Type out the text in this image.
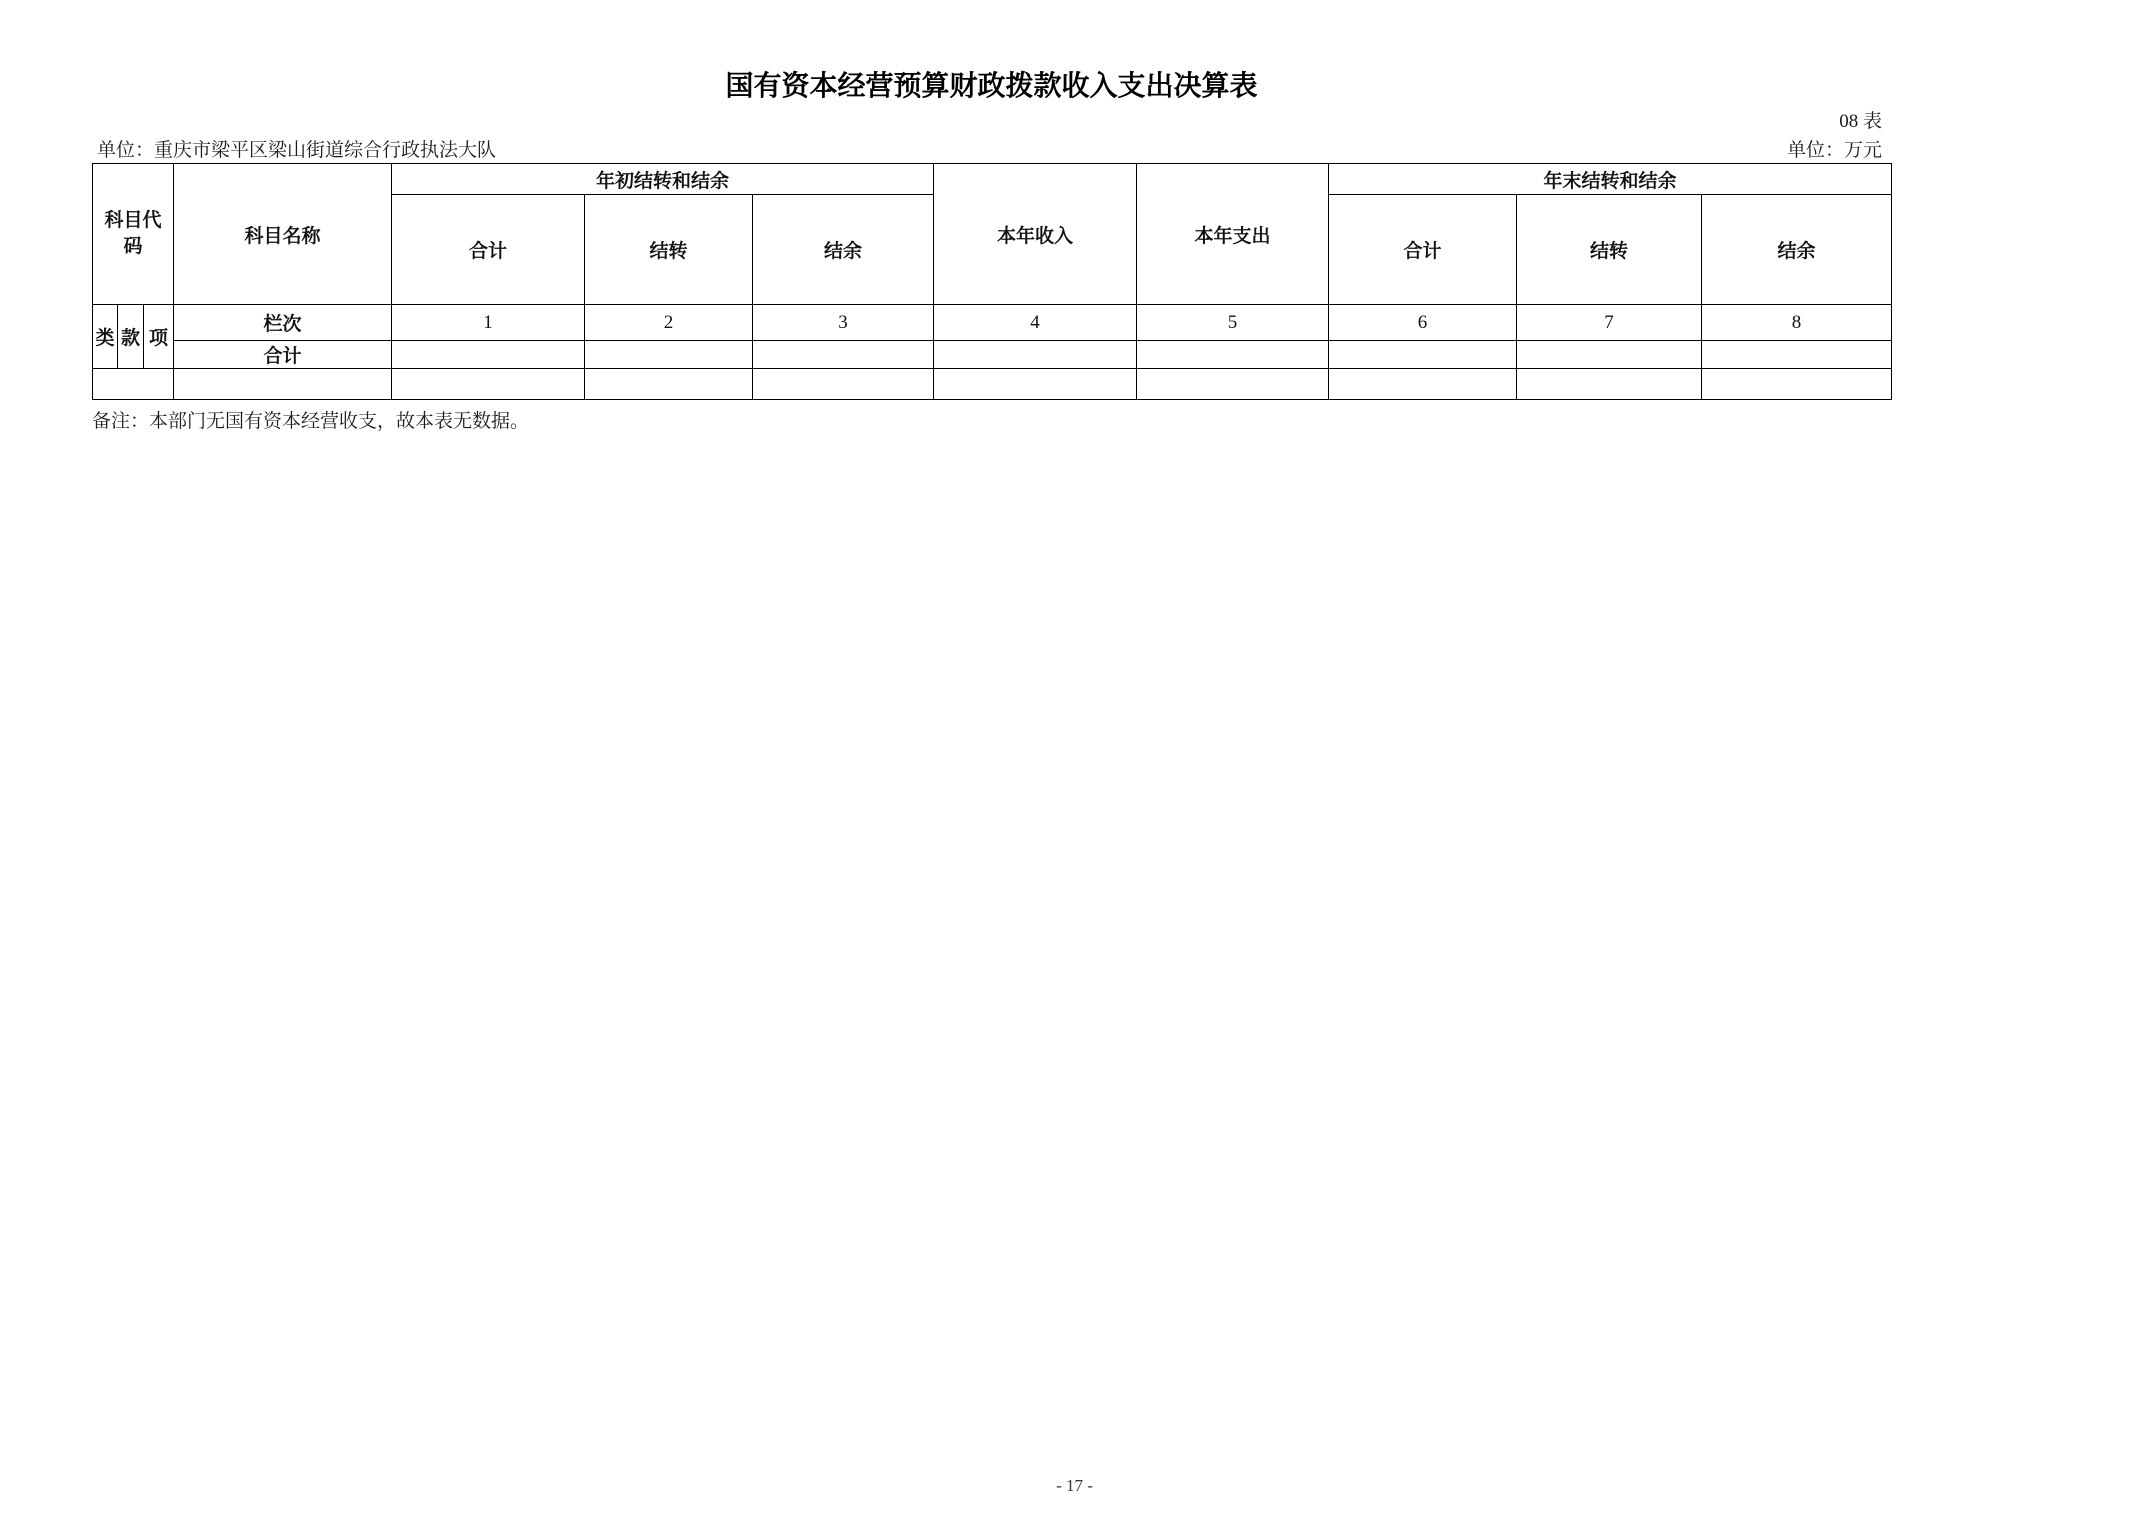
国有资本经营预算财政拨款收入支出决算表
08 表
单位：重庆市梁平区梁山街道综合行政执法大队	单位：万元
科目代码			科目名称	年初结转和结余			本年收入	本年支出	年末结转和结余		
				合计	结转	结余			合计	结转	结余
类	款	项	栏次	1	2	3	4	5	6	7	8
			合计								

备注：本部门无国有资本经营收支，故本表无数据。
- 17 -
